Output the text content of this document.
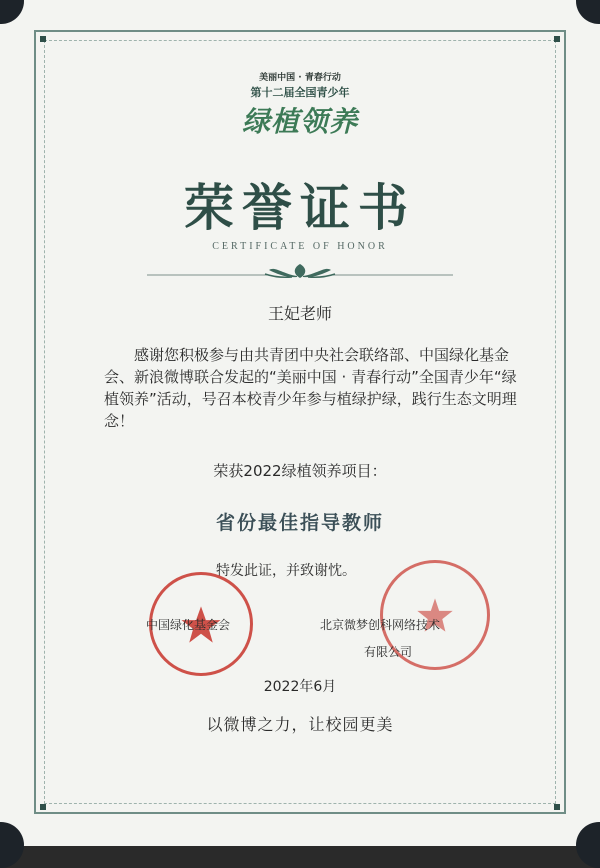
美丽中国 · 青春行动
第十二届全国青少年
绿植领养
荣誉证书
CERTIFICATE OF HONOR
王妃老师
　　感谢您积极参与由共青团中央社会联络部、中国绿化基金会、新浪微博联合发起的“美丽中国 · 青春行动”全国青少年“绿植领养”活动，号召本校青少年参与植绿护绿，践行生态文明理念！
荣获2022绿植领养项目：
省份最佳指导教师
特发此证，并致谢忱。
中国绿化基金会	北京微梦创科网络技术
有限公司
2022年6月
以微博之力，让校园更美
